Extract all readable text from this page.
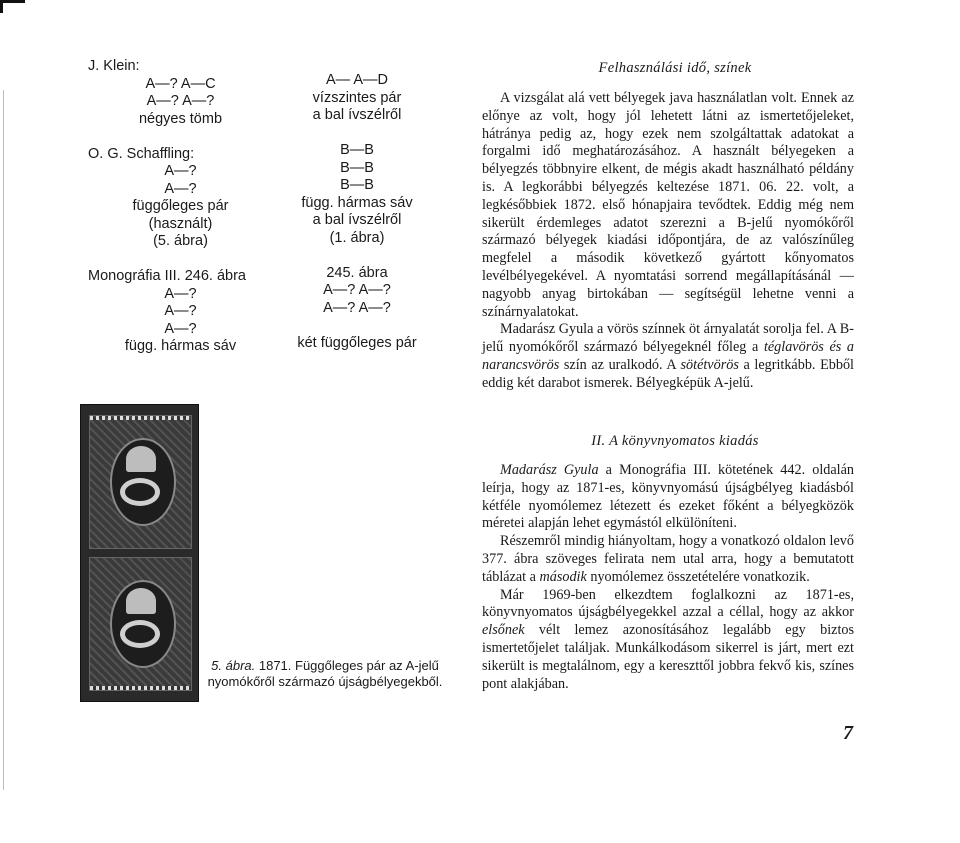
J. Klein:
A—? A—C
A—? A—?
négyes tömb

O. G. Schaffling:
A—?
A—?
függőleges pár
(használt)
(5. ábra)

Monográfia III. 246. ábra
A—?
A—?
A—?
függ. hármas sáv
A— A—D
vízszintes pár
a bal ívszélről

B—B
B—B
B—B
függ. hármas sáv
a bal ívszélről
(1. ábra)

245. ábra
A—? A—?
A—? A—?

két függőleges pár
Felhasználási idő, színek

A vizsgálat alá vett bélyegek java használatlan volt. Ennek az előnye az volt, hogy jól lehetett látni az ismertetőjeleket, hátránya pedig az, hogy ezek nem szolgáltattak adatokat a forgalmi idő meghatározásához. A használt bélyegeken a bélyegzés többnyire elkent, de mégis akadt használható példány is. A legkorábbi bélyegzés keltezése 1871. 06. 22. volt, a legkésőbbiek 1872. első hónapjaira tevődtek. Eddig még nem sikerült érdemleges adatot szerezni a B-jelű nyomókőről származó bélyegek kiadási időpontjára, de az valószínűleg megfelel a második következő gyártott kőnyomatos levélbélyegekével. A nyomtatási sorrend megállapításánál — nagyobb anyag birtokában — segítségül lehetne venni a színárnyalatokat.

Madarász Gyula a vörös színnek öt árnyalatát sorolja fel. A B-jelű nyomókőről származó bélyegeknél főleg a téglavörös és a narancsvörös szín az uralkodó. A sötétvörös a legritkább. Ebből eddig két darabot ismerek. Bélyegképük A-jelű.

II. A könyvnyomatos kiadás

Madarász Gyula a Monográfia III. kötetének 442. oldalán leírja, hogy az 1871-es, könyvnyomású újságbélyeg kiadásból kétféle nyomólemez létezett és ezeket főként a bélyegközök méretei alapján lehet egymástól elkülöníteni.

Részemről mindig hiányoltam, hogy a vonatkozó oldalon levő 377. ábra szöveges felirata nem utal arra, hogy a bemutatott táblázat a második nyomólemez összetételére vonatkozik.

Már 1969-ben elkezdtem foglalkozni az 1871-es, könyvnyomatos újságbélyegekkel azzal a céllal, hogy az akkor elsőnek vélt lemez azonosításához legalább egy biztos ismertetőjelet találjak. Munkálkodásom sikerrel is járt, mert ezt sikerült is megtalálnom, egy a kereszttől jobbra fekvő kis, színes pont alakjában.

5. ábra. 1871. Függőleges pár az A-jelű nyomókőről származó újságbélyegekből.
7
